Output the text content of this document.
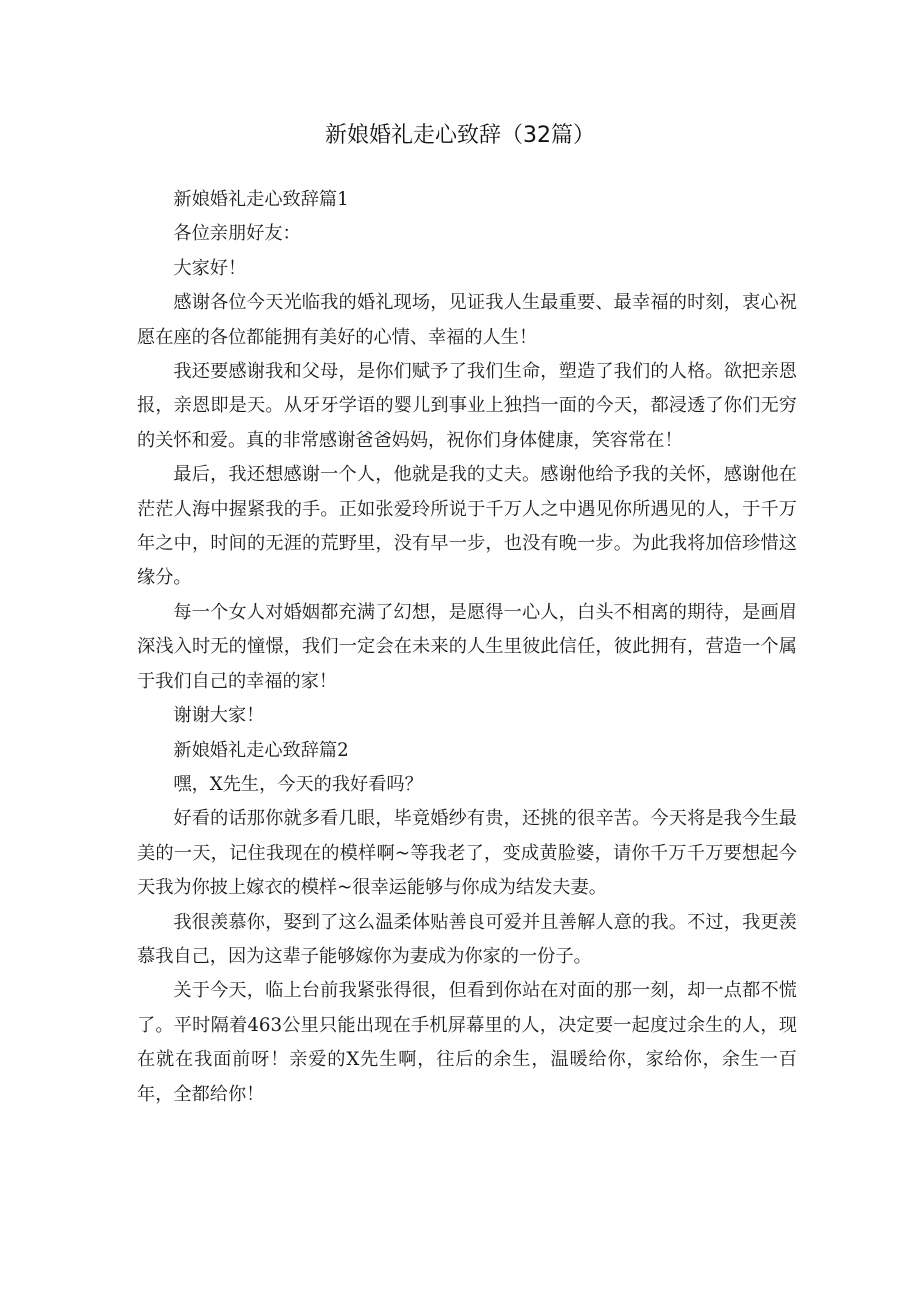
新娘婚礼走心致辞（32篇）

新娘婚礼走心致辞篇1

各位亲朋好友：

大家好！

感谢各位今天光临我的婚礼现场，见证我人生最重要、最幸福的时刻，衷心祝愿在座的各位都能拥有美好的心情、幸福的人生！

我还要感谢我和父母，是你们赋予了我们生命，塑造了我们的人格。欲把亲恩报，亲恩即是天。从牙牙学语的婴儿到事业上独挡一面的今天，都浸透了你们无穷的关怀和爱。真的非常感谢爸爸妈妈，祝你们身体健康，笑容常在！

最后，我还想感谢一个人，他就是我的丈夫。感谢他给予我的关怀，感谢他在茫茫人海中握紧我的手。正如张爱玲所说于千万人之中遇见你所遇见的人，于千万年之中，时间的无涯的荒野里，没有早一步，也没有晚一步。为此我将加倍珍惜这缘分。

每一个女人对婚姻都充满了幻想，是愿得一心人，白头不相离的期待，是画眉深浅入时无的憧憬，我们一定会在未来的人生里彼此信任，彼此拥有，营造一个属于我们自己的幸福的家！

谢谢大家！

新娘婚礼走心致辞篇2

嘿，X先生，今天的我好看吗？

好看的话那你就多看几眼，毕竟婚纱有贵，还挑的很辛苦。今天将是我今生最美的一天，记住我现在的模样啊~等我老了，变成黄脸婆，请你千万千万要想起今天我为你披上嫁衣的模样~很幸运能够与你成为结发夫妻。

我很羡慕你，娶到了这么温柔体贴善良可爱并且善解人意的我。不过，我更羡慕我自己，因为这辈子能够嫁你为妻成为你家的一份子。

关于今天，临上台前我紧张得很，但看到你站在对面的那一刻，却一点都不慌了。平时隔着463公里只能出现在手机屏幕里的人，决定要一起度过余生的人，现在就在我面前呀！亲爱的X先生啊，往后的余生，温暖给你，家给你，余生一百年，全都给你！
